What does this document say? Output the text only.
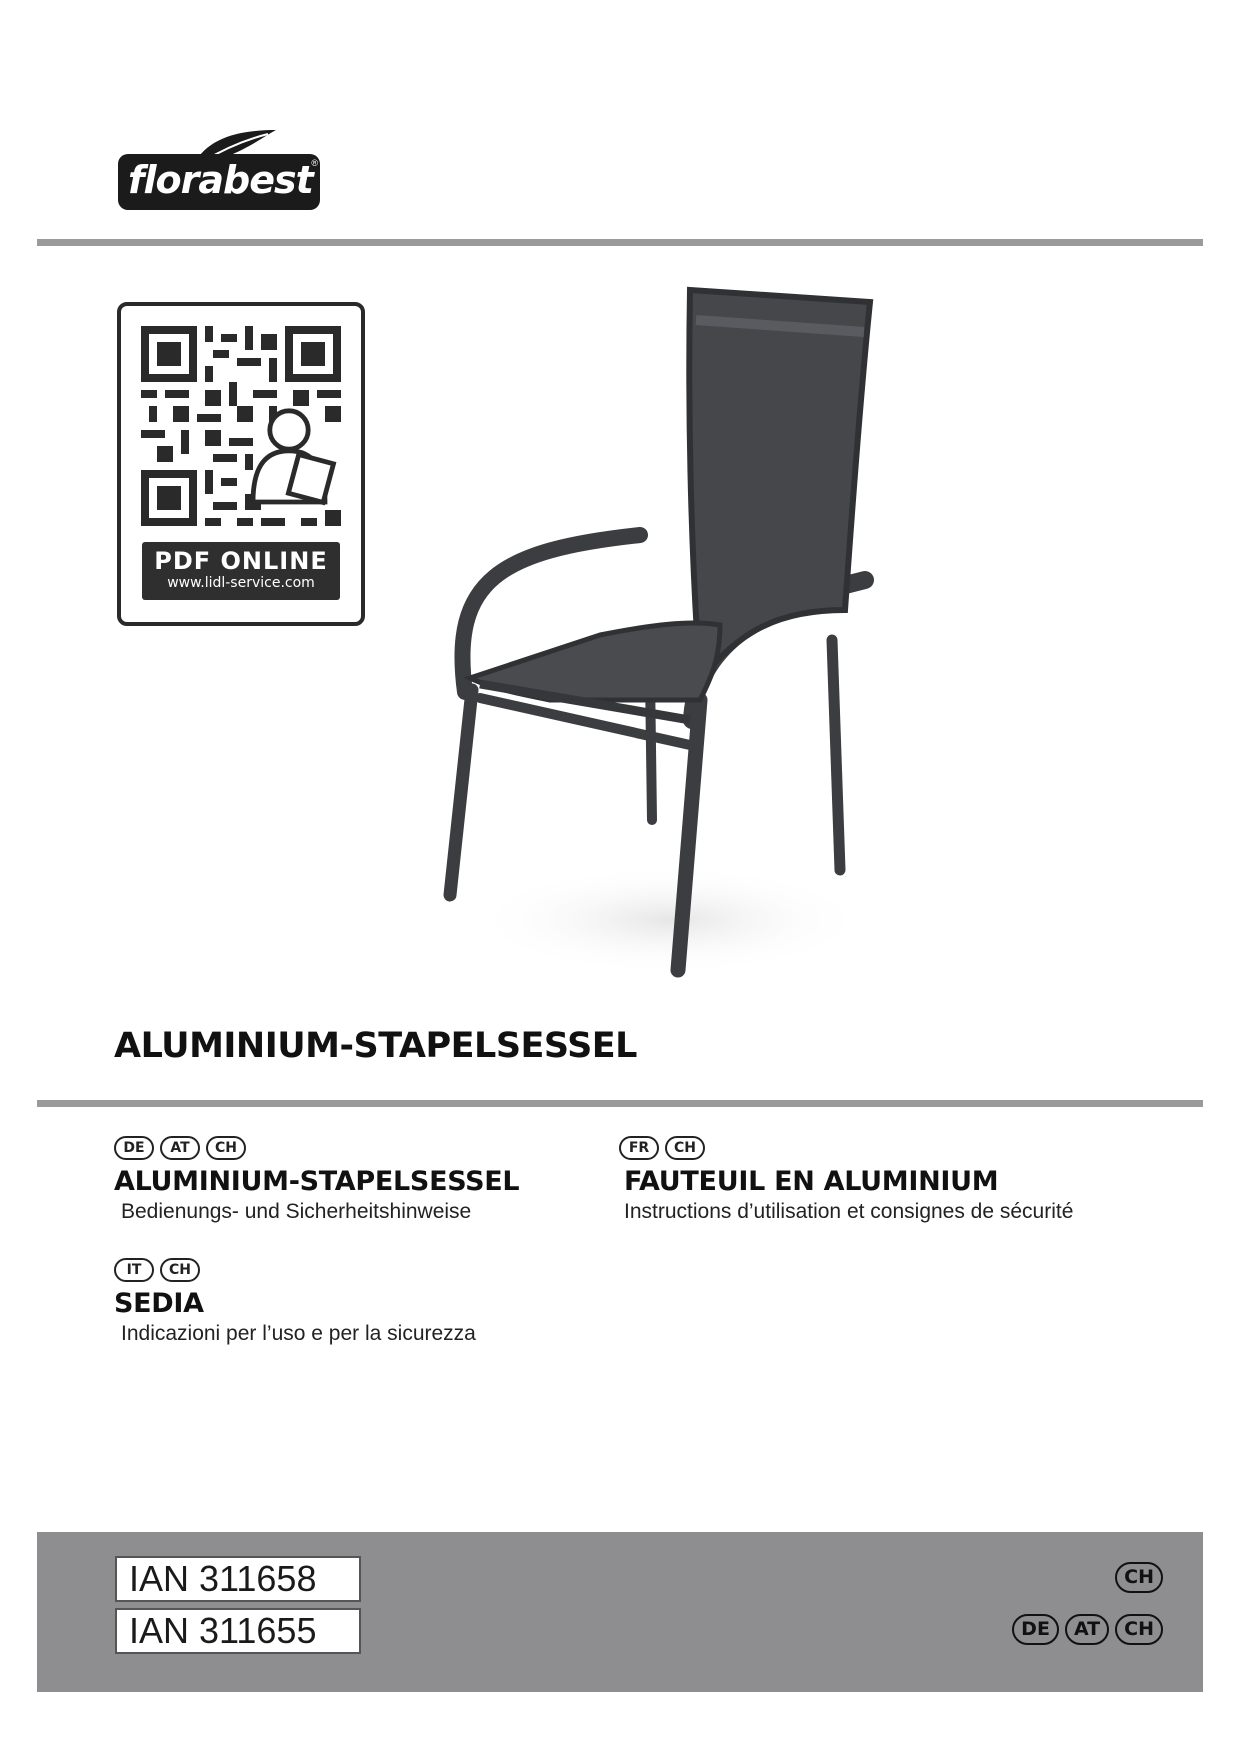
florabest
®
PDF ONLINE
www.lidl-service.com
ALUMINIUM-STAPELSESSEL
DE	AT	CH
ALUMINIUM-STAPELSESSEL
Bedienungs- und Sicherheitshinweise
FR	CH
FAUTEUIL EN ALUMINIUM
Instructions d’utilisation et consignes de sécurité
IT	CH
SEDIA
Indicazioni per l’uso e per la sicurezza
IAN 311658
IAN 311655
CH
DE	AT	CH
